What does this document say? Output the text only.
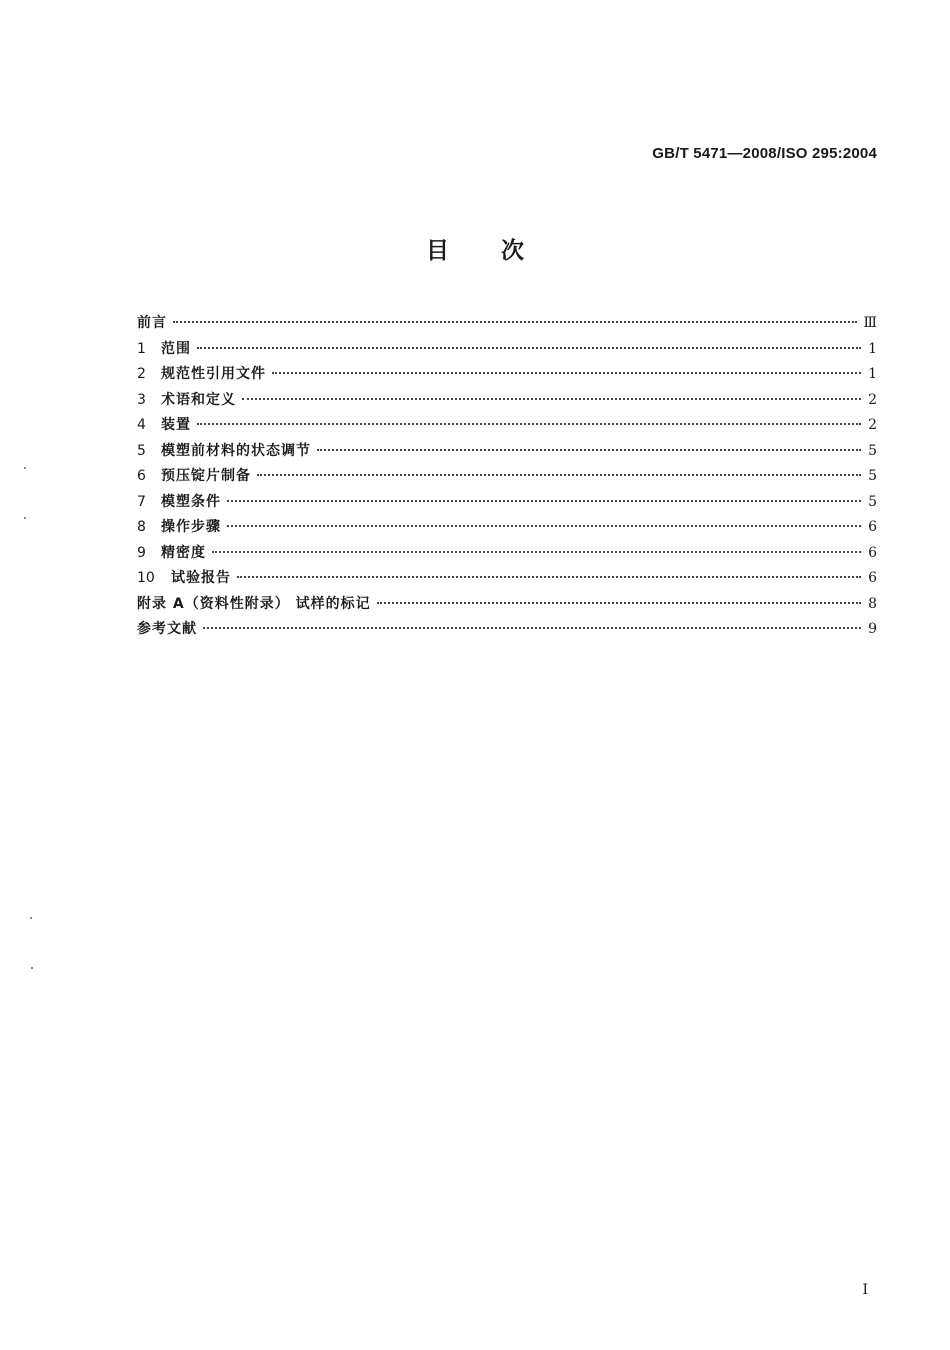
GB/T 5471—2008/ISO 295:2004
目 次
前言	Ⅲ
1	范围	1
2	规范性引用文件	1
3	术语和定义	2
4	装置	2
5	模塑前材料的状态调节	5
6	预压锭片制备	5
7	模塑条件	5
8	操作步骤	6
9	精密度	6
10	试验报告	6
附录 A（资料性附录） 试样的标记	8
参考文献	9
I
